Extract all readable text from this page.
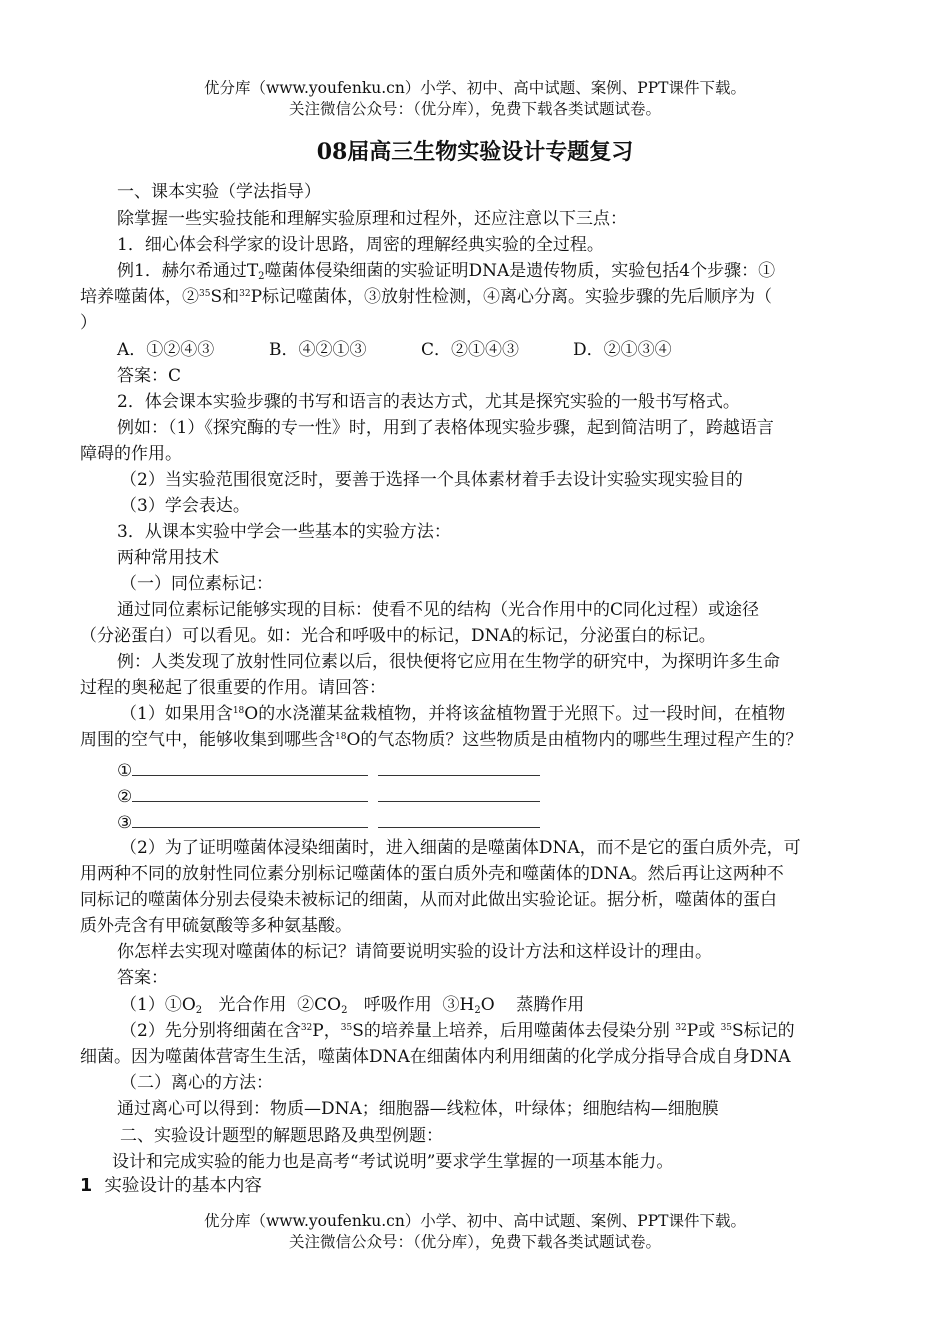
优分库（www.youfenku.cn）小学、初中、高中试题、案例、PPT课件下载。
关注微信公众号：（优分库），免费下载各类试题试卷。
08届高三生物实验设计专题复习
一、课本实验（学法指导）
除掌握一些实验技能和理解实验原理和过程外，还应注意以下三点：
1．细心体会科学家的设计思路，周密的理解经典实验的全过程。
例1．赫尔希通过$T_2$噬菌体侵染细菌的实验证明DNA是遗传物质，实验包括4个步骤：①
培养噬菌体，②$^{35}$S和$^{32}$P标记噬菌体，③放射性检测，④离心分离。实验步骤的先后顺序为（
）
A．①②④③	B．④②①③	C．②①④③	D．②①③④
答案：C
2．体会课本实验步骤的书写和语言的表达方式，尤其是探究实验的一般书写格式。
例如：（1）《探究酶的专一性》时，用到了表格体现实验步骤，起到简洁明了，跨越语言
障碍的作用。
（2）当实验范围很宽泛时，要善于选择一个具体素材着手去设计实验实现实验目的
（3）学会表达。
3．从课本实验中学会一些基本的实验方法：
两种常用技术
（一）同位素标记：
通过同位素标记能够实现的目标：使看不见的结构（光合作用中的C同化过程）或途径
（分泌蛋白）可以看见。如：光合和呼吸中的标记，DNA的标记，分泌蛋白的标记。
例：人类发现了放射性同位素以后，很快便将它应用在生物学的研究中，为探明许多生命
过程的奥秘起了很重要的作用。请回答：
（1）如果用含$^{18}$O的水浇灌某盆栽植物，并将该盆植物置于光照下。过一段时间，在植物
周围的空气中，能够收集到哪些含$^{18}$O的气态物质？这些物质是由植物内的哪些生理过程产生的？
①
②
③
（2）为了证明噬菌体浸染细菌时，进入细菌的是噬菌体DNA，而不是它的蛋白质外壳，可
用两种不同的放射性同位素分别标记噬菌体的蛋白质外壳和噬菌体的DNA。然后再让这两种不
同标记的噬菌体分别去侵染未被标记的细菌，从而对此做出实验论证。据分析，噬菌体的蛋白
质外壳含有甲硫氨酸等多种氨基酸。
你怎样去实现对噬菌体的标记？请简要说明实验的设计方法和这样设计的理由。
答案：
$(1)①O_2$ 光合作用 $②CO_2$ 呼吸作用 $③H_2O$ 蒸腾作用
（2）先分别将细菌在含$^{32}$P，$^{35}$S的培养量上培养，后用噬菌体去侵染分别 $^{32}$P或 $^{35}$S标记的
细菌。因为噬菌体营寄生生活，噬菌体DNA在细菌体内利用细菌的化学成分指导合成自身DNA
（二）离心的方法：
通过离心可以得到：物质—DNA；细胞器—线粒体，叶绿体；细胞结构—细胞膜
二、实验设计题型的解题思路及典型例题：
设计和完成实验的能力也是高考“考试说明”要求学生掌握的一项基本能力。
1 实验设计的基本内容
优分库（www.youfenku.cn）小学、初中、高中试题、案例、PPT课件下载。
关注微信公众号：（优分库），免费下载各类试题试卷。
